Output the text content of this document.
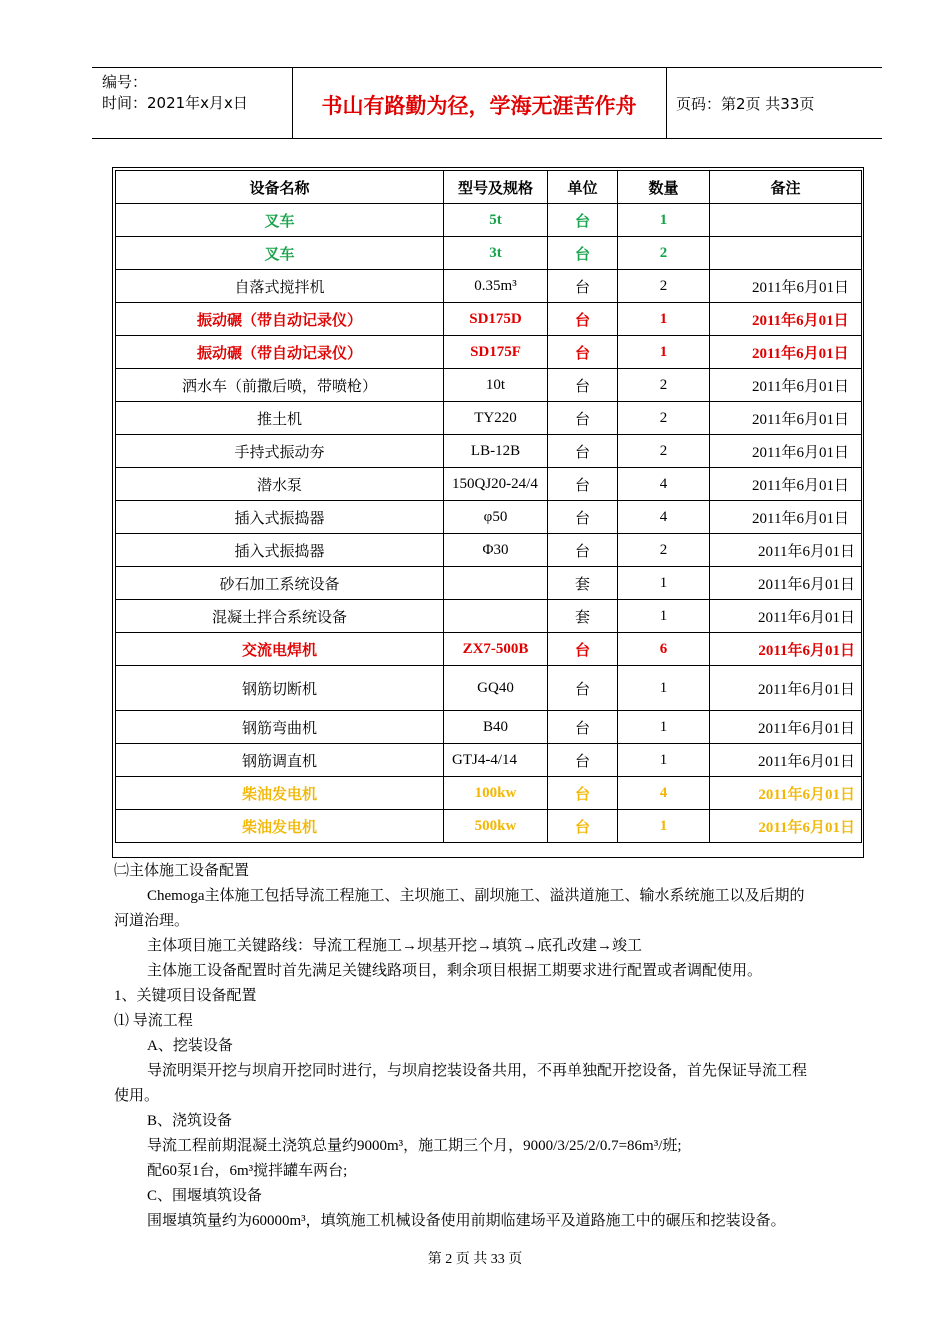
编号：
时间：2021年x月x日	书山有路勤为径，学海无涯苦作舟	页码：第2页 共33页
设备名称	型号及规格	单位	数量	备注
叉车	5t	台	1	
叉车	3t	台	2	
自落式搅拌机	0.35m³	台	2	2011年6月01日
振动碾（带自动记录仪）	SD175D	台	1	2011年6月01日
振动碾（带自动记录仪）	SD175F	台	1	2011年6月01日
洒水车（前撒后喷，带喷枪）	10t	台	2	2011年6月01日
推土机	TY220	台	2	2011年6月01日
手持式振动夯	LB-12B	台	2	2011年6月01日
潜水泵	150QJ20-24/4	台	4	2011年6月01日
插入式振捣器	φ50	台	4	2011年6月01日
插入式振捣器	Φ30	台	2	2011年6月01日
砂石加工系统设备		套	1	2011年6月01日
混凝土拌合系统设备		套	1	2011年6月01日
交流电焊机	ZX7-500B	台	6	2011年6月01日
钢筋切断机	GQ40	台	1	2011年6月01日
钢筋弯曲机	B40	台	1	2011年6月01日
钢筋调直机	GTJ4-4/14	台	1	2011年6月01日
柴油发电机	100kw	台	4	2011年6月01日
柴油发电机	500kw	台	1	2011年6月01日
㈡主体施工设备配置
Chemoga主体施工包括导流工程施工、主坝施工、副坝施工、溢洪道施工、输水系统施工以及后期的
河道治理。
主体项目施工关键路线：导流工程施工→坝基开挖→填筑→底孔改建→竣工
主体施工设备配置时首先满足关键线路项目，剩余项目根据工期要求进行配置或者调配使用。
1、关键项目设备配置
⑴ 导流工程
A、挖装设备
导流明渠开挖与坝肩开挖同时进行，与坝肩挖装设备共用，不再单独配开挖设备，首先保证导流工程
使用。
B、浇筑设备
导流工程前期混凝土浇筑总量约9000m³，施工期三个月，9000/3/25/2/0.7=86m³/班;
配60泵1台，6m³搅拌罐车两台;
C、围堰填筑设备
围堰填筑量约为60000m³，填筑施工机械设备使用前期临建场平及道路施工中的碾压和挖装设备。
第 2 页 共 33 页
